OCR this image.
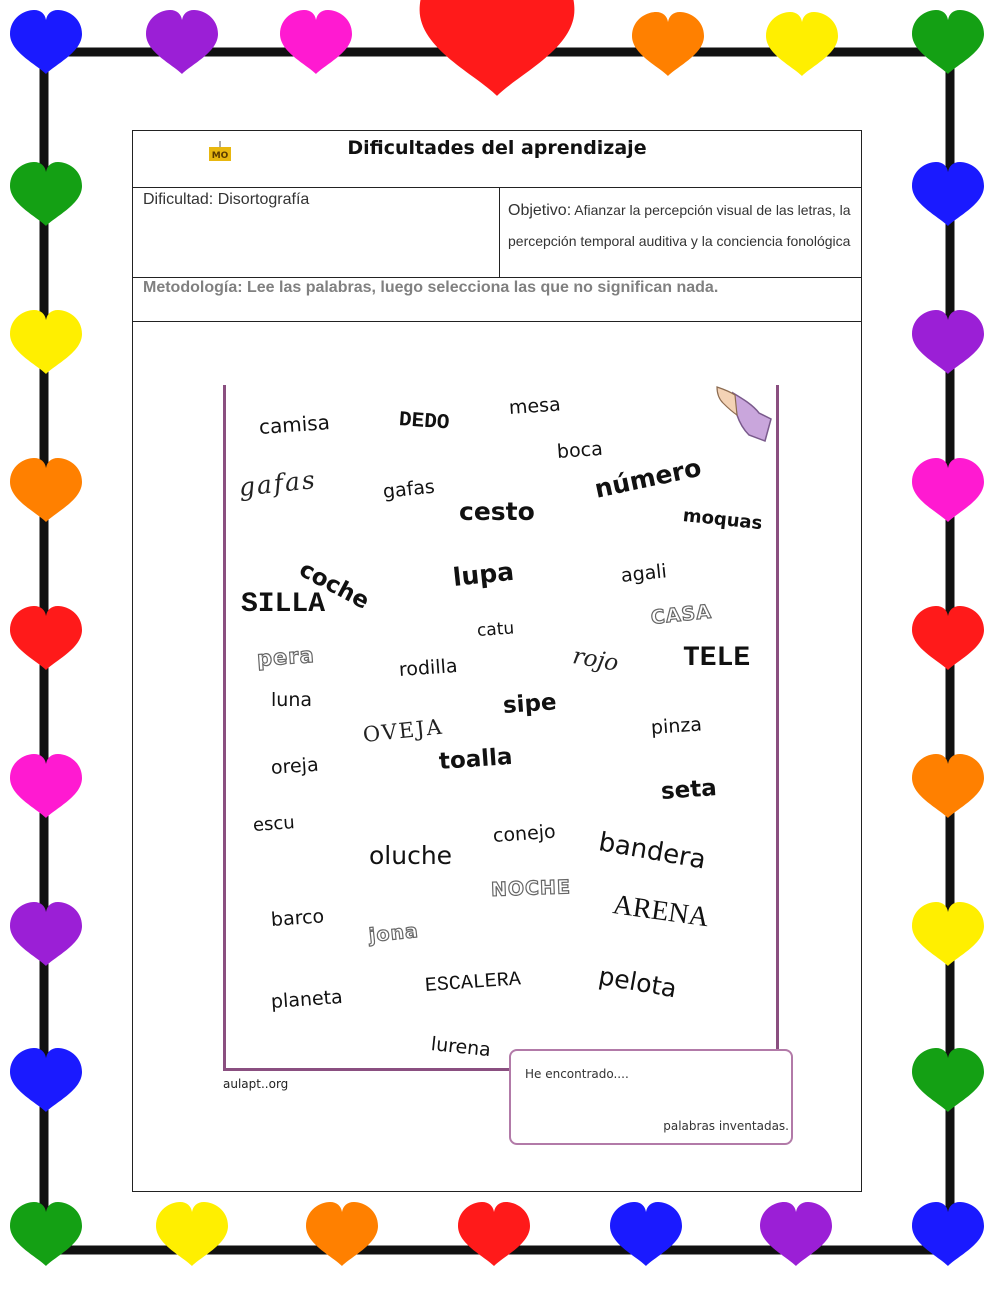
MO	Dificultades del aprendizaje
Dificultad: Disortografía
Objetivo: Afianzar la percepción visual de las letras, la percepción temporal auditiva y la conciencia fonológica
Metodología: Lee las palabras, luego selecciona las que no significan nada.
camisa	DEDO
mesa
boca
gafas	gafas
cesto
número
moquas
coche	lupa	agali
SILLA	CASA
catu
pera	rodilla	rojo TELE
luna	sipe
pinza
OVEJA
toalla
oreja
seta
escu
oluche
conejo bandera
NOCHE
ARENA
barco
jona
pelota
ESCALERA
planeta
lurena
aulapt..org
He encontrado....
palabras inventadas.
